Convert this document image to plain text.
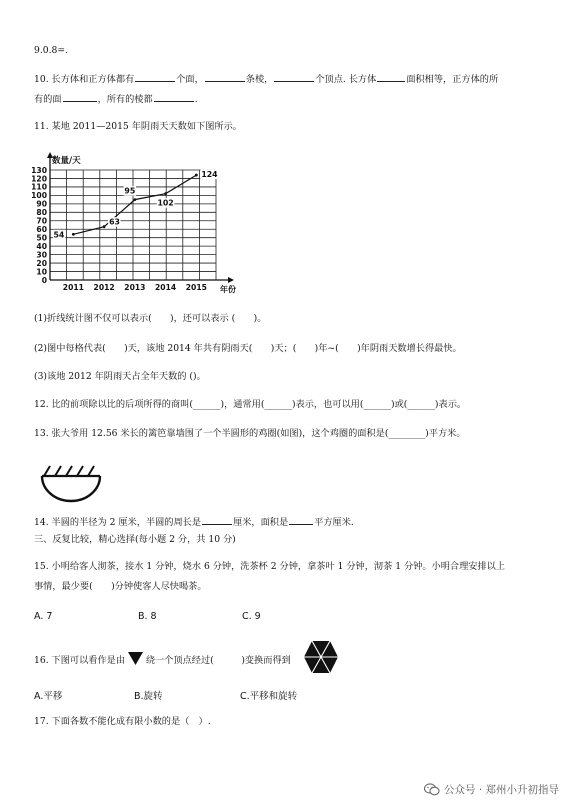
9.0.8=.
10. 长方体和正方体都有	个面，	条棱，	个顶点. 长方体	面积相等，正方体的所
有的面	，所有的棱都	.
11. 某地 2011—2015 年阴雨天天数如下图所示。
0
10
20
30
40
50
60
70
80
90
100
110
120
130
2011 2012 2013 2014 2015
54
63
95
102
124
数量/天
年份
(1)折线统计图不仅可以表示(　　)，还可以表示 (　　)。
(2)图中每格代表(　　)天，该地 2014 年共有阴雨天(　　)天；(　　)年~(　　)年阴雨天数增长得最快。
(3)该地 2012 年阴雨天占全年天数的 ()。
12. 比的前项除以比的后项所得的商叫(______)，通常用(______)表示，也可以用(______)或(______)表示。
13. 张大爷用 12.56 米长的篱笆靠墙围了一个半圆形的鸡圈(如图)，这个鸡圈的面积是(________)平方米。
14. 半圆的半径为 2 厘米，半圆的周长是	厘米，面积是	平方厘米.
三、反复比较，精心选择(每小题 2 分，共 10 分)
15. 小明给客人沏茶，接水 1 分钟，烧水 6 分钟，洗茶杯 2 分钟，拿茶叶 1 分钟，沏茶 1 分钟。小明合理安排以上
事情，最少要(　　)分钟使客人尽快喝茶。
A. 7	B. 8	C. 9
16. 下图可以看作是由 绕一个顶点经过(　　　)变换而得到
A.平移	B.旋转	C.平移和旋转
17. 下面各数不能化成有限小数的是（　）.
公众号 · 郑州小升初指导
